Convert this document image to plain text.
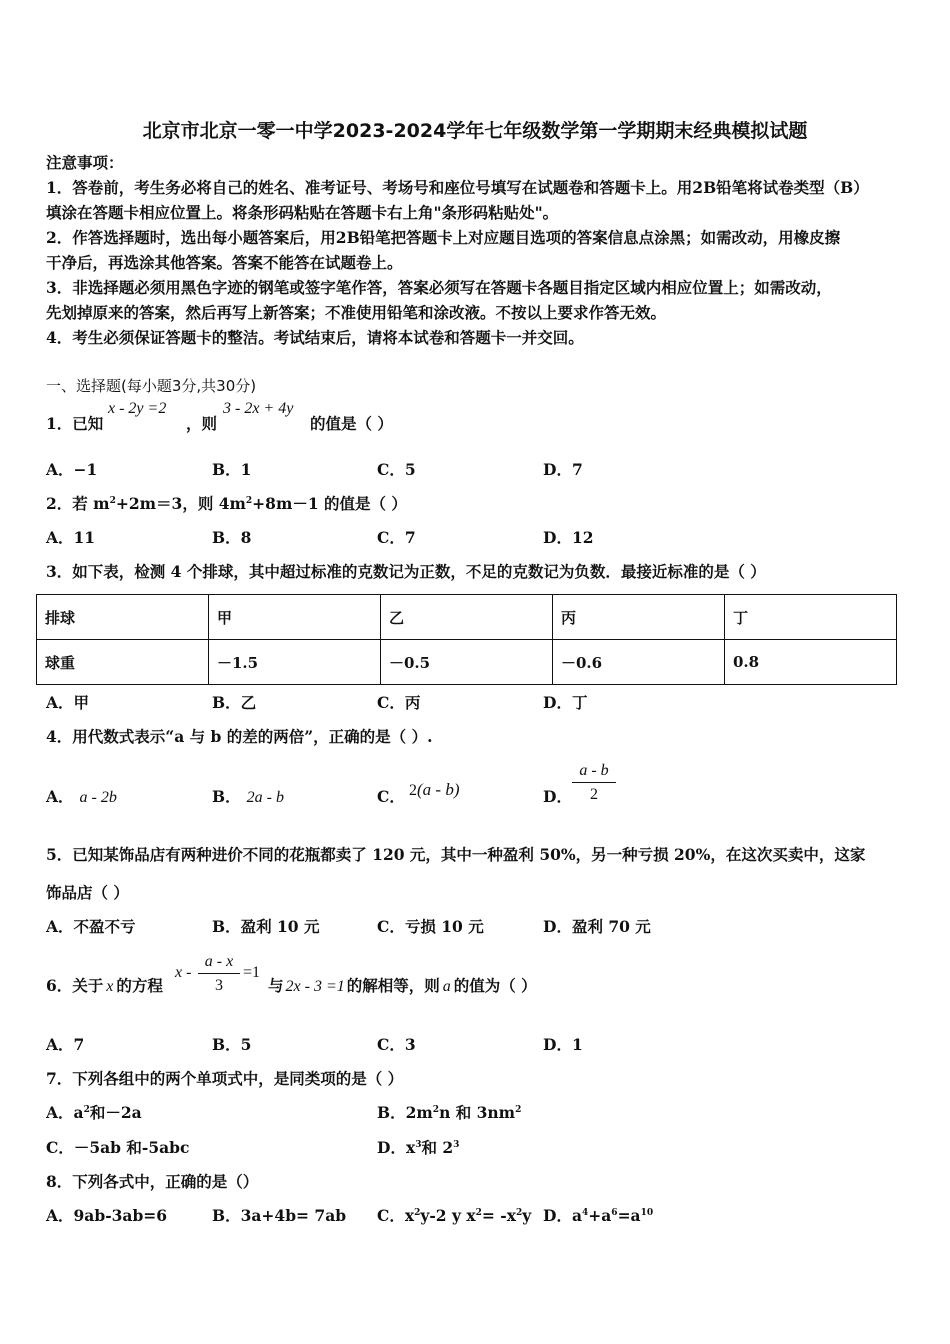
北京市北京一零一中学2023-2024学年七年级数学第一学期期末经典模拟试题
注意事项：
1．答卷前，考生务必将自己的姓名、准考证号、考场号和座位号填写在试题卷和答题卡上。用2B铅笔将试卷类型（B）
填涂在答题卡相应位置上。将条形码粘贴在答题卡右上角"条形码粘贴处"。
2．作答选择题时，选出每小题答案后，用2B铅笔把答题卡上对应题目选项的答案信息点涂黑；如需改动，用橡皮擦
干净后，再选涂其他答案。答案不能答在试题卷上。
3．非选择题必须用黑色字迹的钢笔或签字笔作答，答案必须写在答题卡各题目指定区域内相应位置上；如需改动，
先划掉原来的答案，然后再写上新答案；不准使用铅笔和涂改液。不按以上要求作答无效。
4．考生必须保证答题卡的整洁。考试结束后，请将本试卷和答题卡一并交回。
一、选择题(每小题3分,共30分)
1．已知
x - 2y =2
，则
3 - 2x + 4y
的值是（ ）
A．−1	B．1	C．5	D．7
2．若 $m^2+2m=3$，则 $4m^2+8m-1$ 的值是（ ）
A．11	B．8	C．7	D．12
3．如下表，检测 4 个排球，其中超过标准的克数记为正数，不足的克数记为负数．最接近标准的是（ ）
排球	甲	乙	丙	丁
球重	－1.5	－0.5	－0.6	0.8
A．甲	B．乙	C．丙	D．丁
4．用代数式表示“a 与 b 的差的两倍”，正确的是（ ）.
A． a - 2b	B． 2a - b	C． 2(a - b)	D．
a - b
2
5．已知某饰品店有两种进价不同的花瓶都卖了 120 元，其中一种盈利 50%，另一种亏损 20%，在这次买卖中，这家
饰品店（ ）
A．不盈不亏	B．盈利 10 元	C．亏损 10 元	D．盈利 70 元
6．关于 x 的方程
x -
a - x
3
=1
与 2x - 3 =1 的解相等，则 a 的值为（ ）
A．7	B．5	C．3	D．1
7．下列各组中的两个单项式中，是同类项的是（ ）
A．$a^2$和－2a	B．$2m^2n$ 和 $3nm^2$
C．－5ab 和-5abc	D．$x^3$和 $2^3$
8．下列各式中，正确的是（）
A．9ab-3ab=6	B．3a+4b= 7ab C．$x^2y-2$ y $x^2= -x^2y$ D．$a^4+a^6=a^{10}$
